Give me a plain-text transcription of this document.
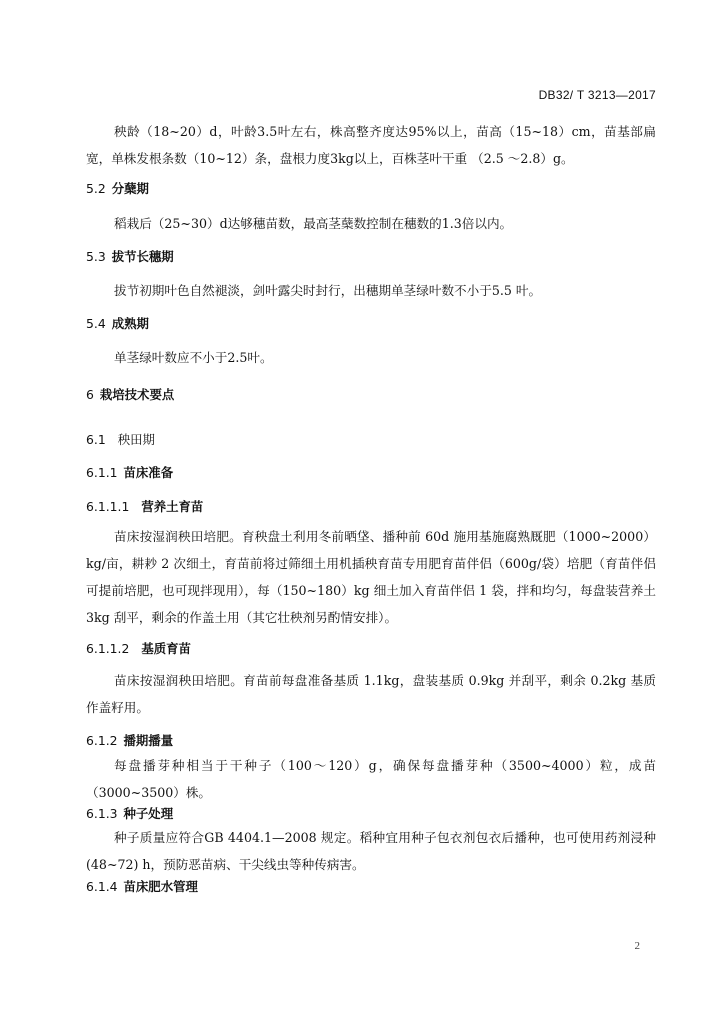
DB32/ T 3213—2017
秧龄（18~20）d，叶龄3.5叶左右，株高整齐度达95%以上，苗高（15~18）cm，苗基部扁宽，单株发根条数（10~12）条，盘根力度3kg以上，百株茎叶干重 （2.5 ～2.8）g。
5.2 分蘖期
稻栽后（25~30）d达够穗苗数，最高茎蘖数控制在穗数的1.3倍以内。
5.3 拔节长穗期
拔节初期叶色自然褪淡，剑叶露尖时封行，出穗期单茎绿叶数不小于5.5 叶。
5.4 成熟期
单茎绿叶数应不小于2.5叶。
6 栽培技术要点
6.1 秧田期
6.1.1 苗床准备
6.1.1.1 营养土育苗
苗床按湿润秧田培肥。育秧盘土利用冬前晒垡、播种前 60d 施用基施腐熟厩肥（1000~2000）kg/亩，耕耖 2 次细土，育苗前将过筛细土用机插秧育苗专用肥育苗伴侣（600g/袋）培肥（育苗伴侣可提前培肥，也可现拌现用），每（150~180）kg 细土加入育苗伴侣 1 袋，拌和均匀，每盘装营养土 3kg 刮平，剩余的作盖土用（其它壮秧剂另酌情安排）。
6.1.1.2 基质育苗
苗床按湿润秧田培肥。育苗前每盘准备基质 1.1kg，盘装基质 0.9kg 并刮平，剩余 0.2kg 基质作盖籽用。
6.1.2 播期播量
每盘播芽种相当于干种子（100～120）g，确保每盘播芽种（3500~4000）粒，成苗（3000~3500）株。
6.1.3 种子处理
种子质量应符合GB 4404.1—2008 规定。稻种宜用种子包衣剂包衣后播种，也可使用药剂浸种(48~72) h，预防恶苗病、干尖线虫等种传病害。
6.1.4 苗床肥水管理
2
